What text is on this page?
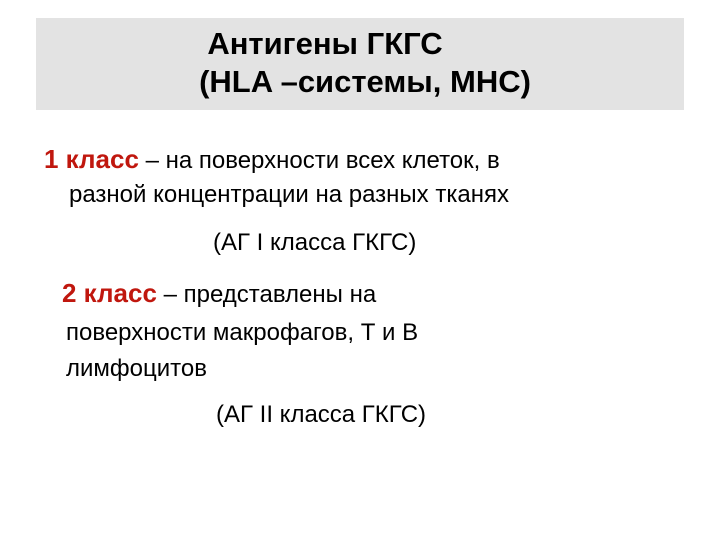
Антигены ГКГС
(HLA –системы, МНС)
1 класс – на поверхности всех клеток, в
разной концентрации на разных тканях
(АГ I класса ГКГС)
2 класс – представлены на
поверхности макрофагов, Т и В
лимфоцитов
(АГ II класса ГКГС)
